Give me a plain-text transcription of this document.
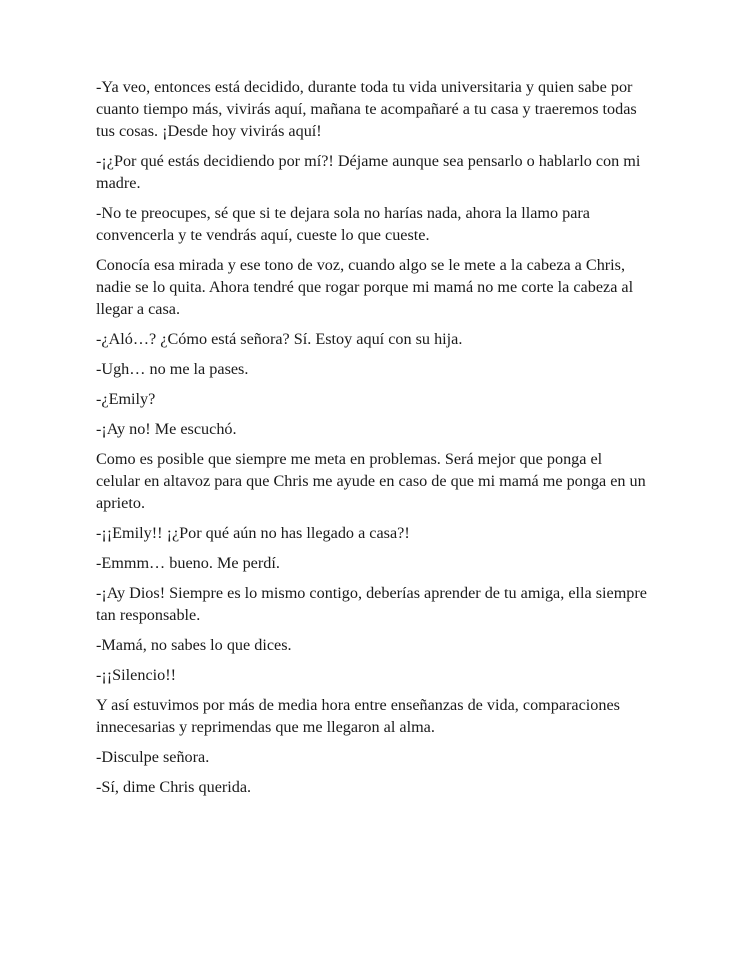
-Ya veo, entonces está decidido, durante toda tu vida universitaria y quien sabe por cuanto tiempo más, vivirás aquí, mañana te acompañaré a tu casa y traeremos todas tus cosas. ¡Desde hoy vivirás aquí!

-¡¿Por qué estás decidiendo por mí?! Déjame aunque sea pensarlo o hablarlo con mi madre.

-No te preocupes, sé que si te dejara sola no harías nada, ahora la llamo para convencerla y te vendrás aquí, cueste lo que cueste.

Conocía esa mirada y ese tono de voz, cuando algo se le mete a la cabeza a Chris, nadie se lo quita. Ahora tendré que rogar porque mi mamá no me corte la cabeza al llegar a casa.

-¿Aló…? ¿Cómo está señora? Sí. Estoy aquí con su hija.

-Ugh… no me la pases.

-¿Emily?

-¡Ay no! Me escuchó.

Como es posible que siempre me meta en problemas. Será mejor que ponga el celular en altavoz para que Chris me ayude en caso de que mi mamá me ponga en un aprieto.

-¡¡Emily!! ¡¿Por qué aún no has llegado a casa?!

-Emmm… bueno. Me perdí.

-¡Ay Dios! Siempre es lo mismo contigo, deberías aprender de tu amiga, ella siempre tan responsable.

-Mamá, no sabes lo que dices.

-¡¡Silencio!!

Y así estuvimos por más de media hora entre enseñanzas de vida, comparaciones innecesarias y reprimendas que me llegaron al alma.

-Disculpe señora.

-Sí, dime Chris querida.
